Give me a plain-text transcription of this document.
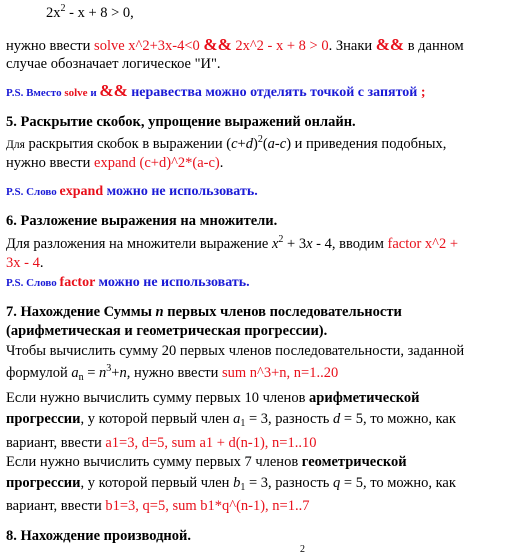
$2x^2 - x + 8 > 0$,
нужно ввести solve x^2+3x-4<0 && 2x^2 - x + 8 > 0. Знаки && в данном
случае обозначает логическое "И".
P.S. Вместо solve и && неравества можно отделять точкой с запятой ;
5. Раскрытие скобок, упрощение выражений онлайн.
Для раскрытия скобок в выражении $(c+d)^2(a-c)$ и приведения подобных,
нужно ввести expand (c+d)^2*(a-c).
P.S. Слово expand можно не использовать.
6. Разложение выражения на множители.
Для разложения на множители выражение $x^2 + 3x - 4$, вводим factor x^2 +
3x - 4.
P.S. Слово factor можно не использовать.
7. Нахождение Суммы n первых членов последовательности
(арифметическая и геометрическая прогрессии).
Чтобы вычислить сумму 20 первых членов последовательности, заданной
формулой $a_n = n^3+n$, нужно ввести sum n^3+n, n=1..20
Если нужно вычислить сумму первых 10 членов арифметической
прогрессии, у которой первый член $a_1 = 3$, разность d = 5, то можно, как
вариант, ввести a1=3, d=5, sum a1 + d(n-1), n=1..10
Если нужно вычислить сумму первых 7 членов геометрической
прогрессии, у которой первый член $b_1 = 3$, разность q = 5, то можно, как
вариант, ввести b1=3, q=5, sum b1*q^(n-1), n=1..7
8. Нахождение производной.
2
